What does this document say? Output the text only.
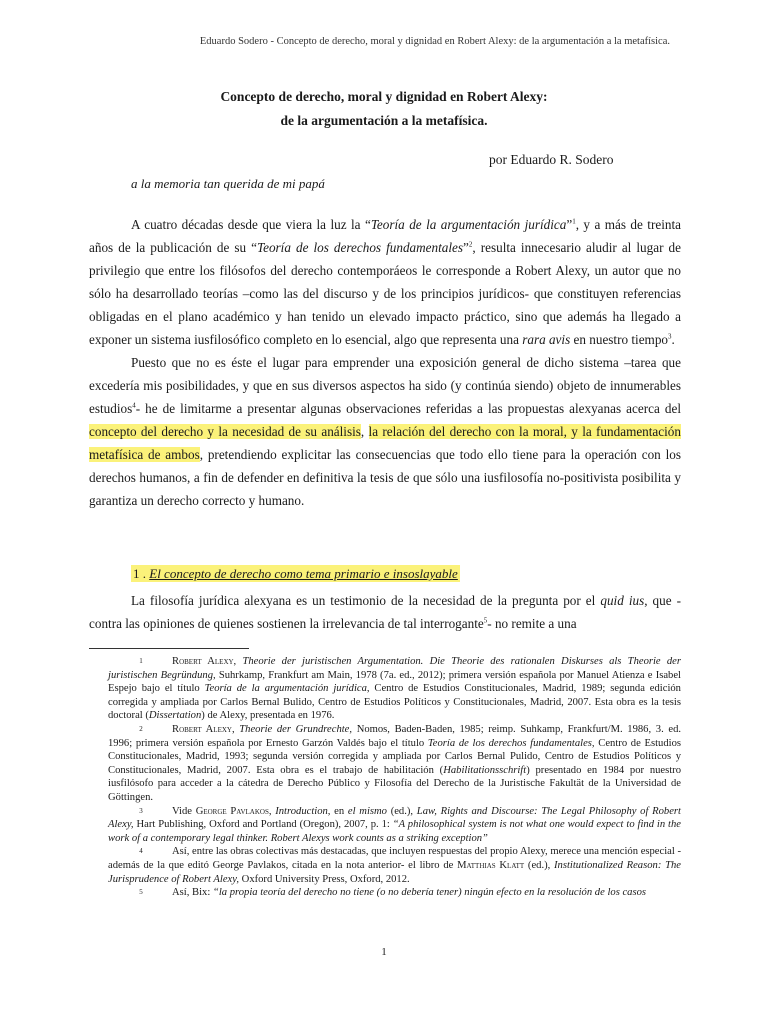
Eduardo Sodero - Concepto de derecho, moral y dignidad en Robert Alexy: de la argumentación a la metafísica.
Concepto de derecho, moral y dignidad en Robert Alexy:
de la argumentación a la metafísica.
por Eduardo R. Sodero
a la memoria tan querida de mi papá

A cuatro décadas desde que viera la luz la “Teoría de la argumentación jurídica”$^1$, y a más de treinta años de la publicación de su “Teoría de los derechos fundamentales”$^2$, resulta innecesario aludir al lugar de privilegio que entre los filósofos del derecho contemporáeos le corresponde a Robert Alexy, un autor que no sólo ha desarrollado teorías –como las del discurso y de los principios jurídicos- que constituyen referencias obligadas en el plano académico y han tenido un elevado impacto práctico, sino que además ha llegado a exponer un sistema iusfilosófico completo en lo esencial, algo que representa una rara avis en nuestro tiempo$^3$.

Puesto que no es éste el lugar para emprender una exposición general de dicho sistema –tarea que excedería mis posibilidades, y que en sus diversos aspectos ha sido (y continúa siendo) objeto de innumerables estudios$^4$- he de limitarme a presentar algunas observaciones referidas a las propuestas alexyanas acerca del concepto del derecho y la necesidad de su análisis, la relación del derecho con la moral, y la fundamentación metafísica de ambos, pretendiendo explicitar las consecuencias que todo ello tiene para la operación con los derechos humanos, a fin de defender en definitiva la tesis de que sólo una iusfilosofía no-positivista posibilita y garantiza un derecho correcto y humano.

1 . El concepto de derecho como tema primario e insoslayable

La filosofía jurídica alexyana es un testimonio de la necesidad de la pregunta por el quid ius, que -contra las opiniones de quienes sostienen la irrelevancia de tal interrogante$^5$- no remite a una

1	Robert Alexy, Theorie der juristischen Argumentation. Die Theorie des rationalen Diskurses als Theorie der juristischen Begründung, Suhrkamp, Frankfurt am Main, 1978 (7a. ed., 2012); primera versión española por Manuel Atienza e Isabel Espejo bajo el título Teoría de la argumentación jurídica, Centro de Estudios Constitucionales, Madrid, 1989; segunda edición corregida y ampliada por Carlos Bernal Bulido, Centro de Estudios Políticos y Constitucionales, Madrid, 2007. Esta obra es la tesis doctoral (Dissertation) de Alexy, presentada en 1976.

2	Robert Alexy, Theorie der Grundrechte, Nomos, Baden-Baden, 1985; reimp. Suhkamp, Frankfurt/M. 1986, 3. ed. 1996; primera versión española por Ernesto Garzón Valdés bajo el título Teoría de los derechos fundamentales, Centro de Estudios Constitucionales, Madrid, 1993; segunda versión corregida y ampliada por Carlos Bernal Pulido, Centro de Estudios Políticos y Constitucionales, Madrid, 2007. Esta obra es el trabajo de habilitación (Habilitationsschrift) presentado en 1984 por nuestro iusfilósofo para acceder a la cátedra de Derecho Público y Filosofía del Derecho de la Juristische Fakultät de la Universidad de Göttingen.

3	Vide George Pavlakos, Introduction, en el mismo (ed.), Law, Rights and Discourse: The Legal Philosophy of Robert Alexy, Hart Publishing, Oxford and Portland (Oregon), 2007, p. 1: “A philosophical system is not what one would expect to find in the work of a contemporary legal thinker. Robert Alexys work counts as a striking exception”

4	Así, entre las obras colectivas más destacadas, que incluyen respuestas del propio Alexy, merece una mención especial -además de la que editó George Pavlakos, citada en la nota anterior- el libro de Matthias Klatt (ed.), Institutionalized Reason: The Jurisprudence of Robert Alexy, Oxford University Press, Oxford, 2012.

5	Así, Bix: “la propia teoría del derecho no tiene (o no debería tener) ningún efecto en la resolución de los casos

1
